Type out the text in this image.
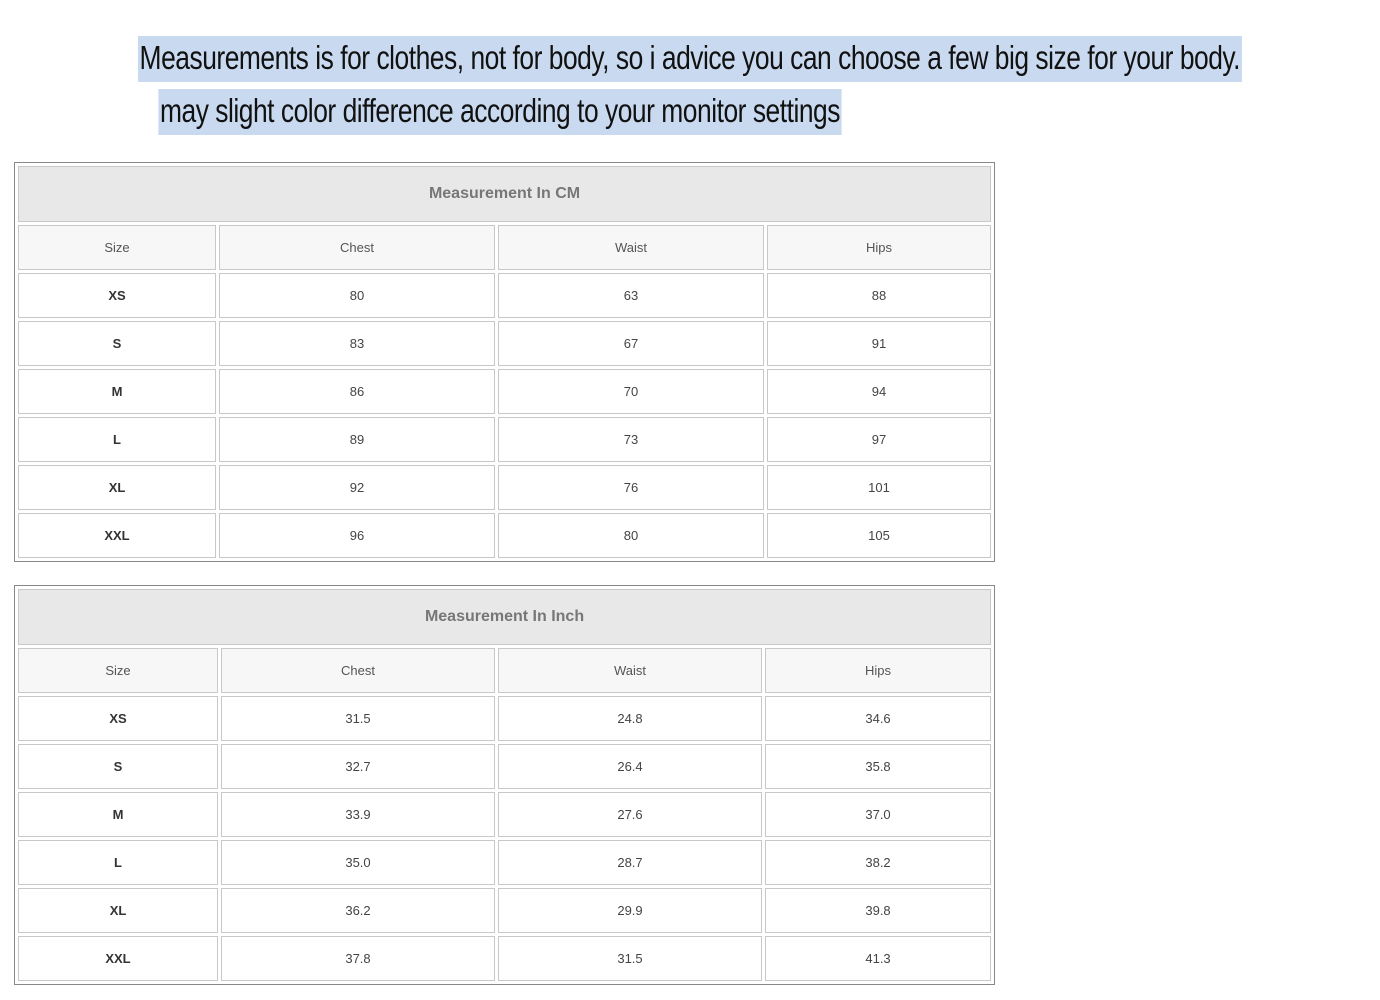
Measurements is for clothes, not for body, so i advice you can choose a few big size for your body.
may slight color difference according to your monitor settings
Measurement In CM			
Size	Chest	Waist	Hips
XS	80	63	88
S	83	67	91
M	86	70	94
L	89	73	97
XL	92	76	101
XXL	96	80	105
Measurement In Inch			
Size	Chest	Waist	Hips
XS	31.5	24.8	34.6
S	32.7	26.4	35.8
M	33.9	27.6	37.0
L	35.0	28.7	38.2
XL	36.2	29.9	39.8
XXL	37.8	31.5	41.3
